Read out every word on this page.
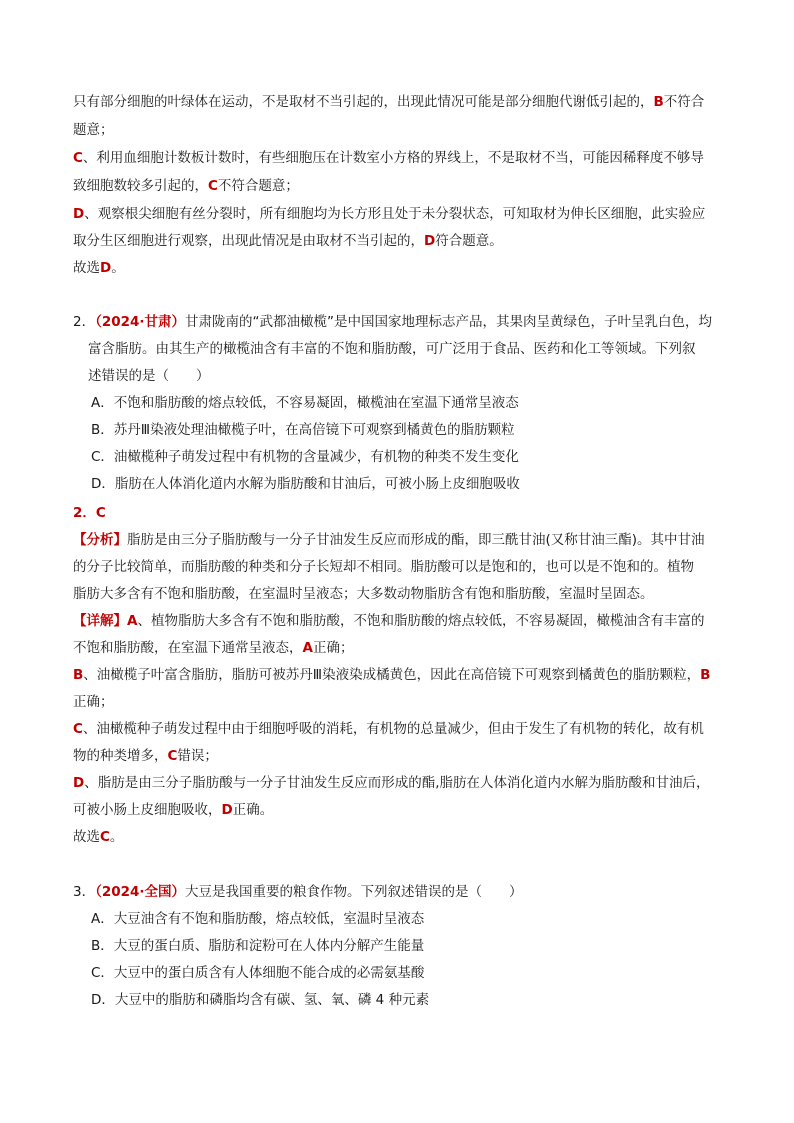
只有部分细胞的叶绿体在运动，不是取材不当引起的，出现此情况可能是部分细胞代谢低引起的，B不符合
题意；
C、利用血细胞计数板计数时，有些细胞压在计数室小方格的界线上，不是取材不当，可能因稀释度不够导
致细胞数较多引起的，C不符合题意；
D、观察根尖细胞有丝分裂时，所有细胞均为长方形且处于未分裂状态，可知取材为伸长区细胞，此实验应
取分生区细胞进行观察，出现此情况是由取材不当引起的，D符合题意。
故选D。
2．（2024·甘肃）甘肃陇南的“武都油橄榄”是中国国家地理标志产品，其果肉呈黄绿色，子叶呈乳白色，均
富含脂肪。由其生产的橄榄油含有丰富的不饱和脂肪酸，可广泛用于食品、医药和化工等领域。下列叙
述错误的是（　　）
A．不饱和脂肪酸的熔点较低，不容易凝固，橄榄油在室温下通常呈液态
B．苏丹Ⅲ染液处理油橄榄子叶，在高倍镜下可观察到橘黄色的脂肪颗粒
C．油橄榄种子萌发过程中有机物的含量减少，有机物的种类不发生变化
D．脂肪在人体消化道内水解为脂肪酸和甘油后，可被小肠上皮细胞吸收
2．C
【分析】脂肪是由三分子脂肪酸与一分子甘油发生反应而形成的酯，即三酰甘油(又称甘油三酯)。其中甘油
的分子比较简单，而脂肪酸的种类和分子长短却不相同。脂肪酸可以是饱和的，也可以是不饱和的。植物
脂肪大多含有不饱和脂肪酸，在室温时呈液态；大多数动物脂肪含有饱和脂肪酸，室温时呈固态。
【详解】A、植物脂肪大多含有不饱和脂肪酸，不饱和脂肪酸的熔点较低，不容易凝固，橄榄油含有丰富的
不饱和脂肪酸，在室温下通常呈液态，A正确；
B、油橄榄子叶富含脂肪，脂肪可被苏丹Ⅲ染液染成橘黄色，因此在高倍镜下可观察到橘黄色的脂肪颗粒，B
正确；
C、油橄榄种子萌发过程中由于细胞呼吸的消耗，有机物的总量减少，但由于发生了有机物的转化，故有机
物的种类增多，C错误；
D、脂肪是由三分子脂肪酸与一分子甘油发生反应而形成的酯,脂肪在人体消化道内水解为脂肪酸和甘油后，
可被小肠上皮细胞吸收，D正确。
故选C。
3．（2024·全国）大豆是我国重要的粮食作物。下列叙述错误的是（　　）
A．大豆油含有不饱和脂肪酸，熔点较低，室温时呈液态
B．大豆的蛋白质、脂肪和淀粉可在人体内分解产生能量
C．大豆中的蛋白质含有人体细胞不能合成的必需氨基酸
D．大豆中的脂肪和磷脂均含有碳、氢、氧、磷 4 种元素
